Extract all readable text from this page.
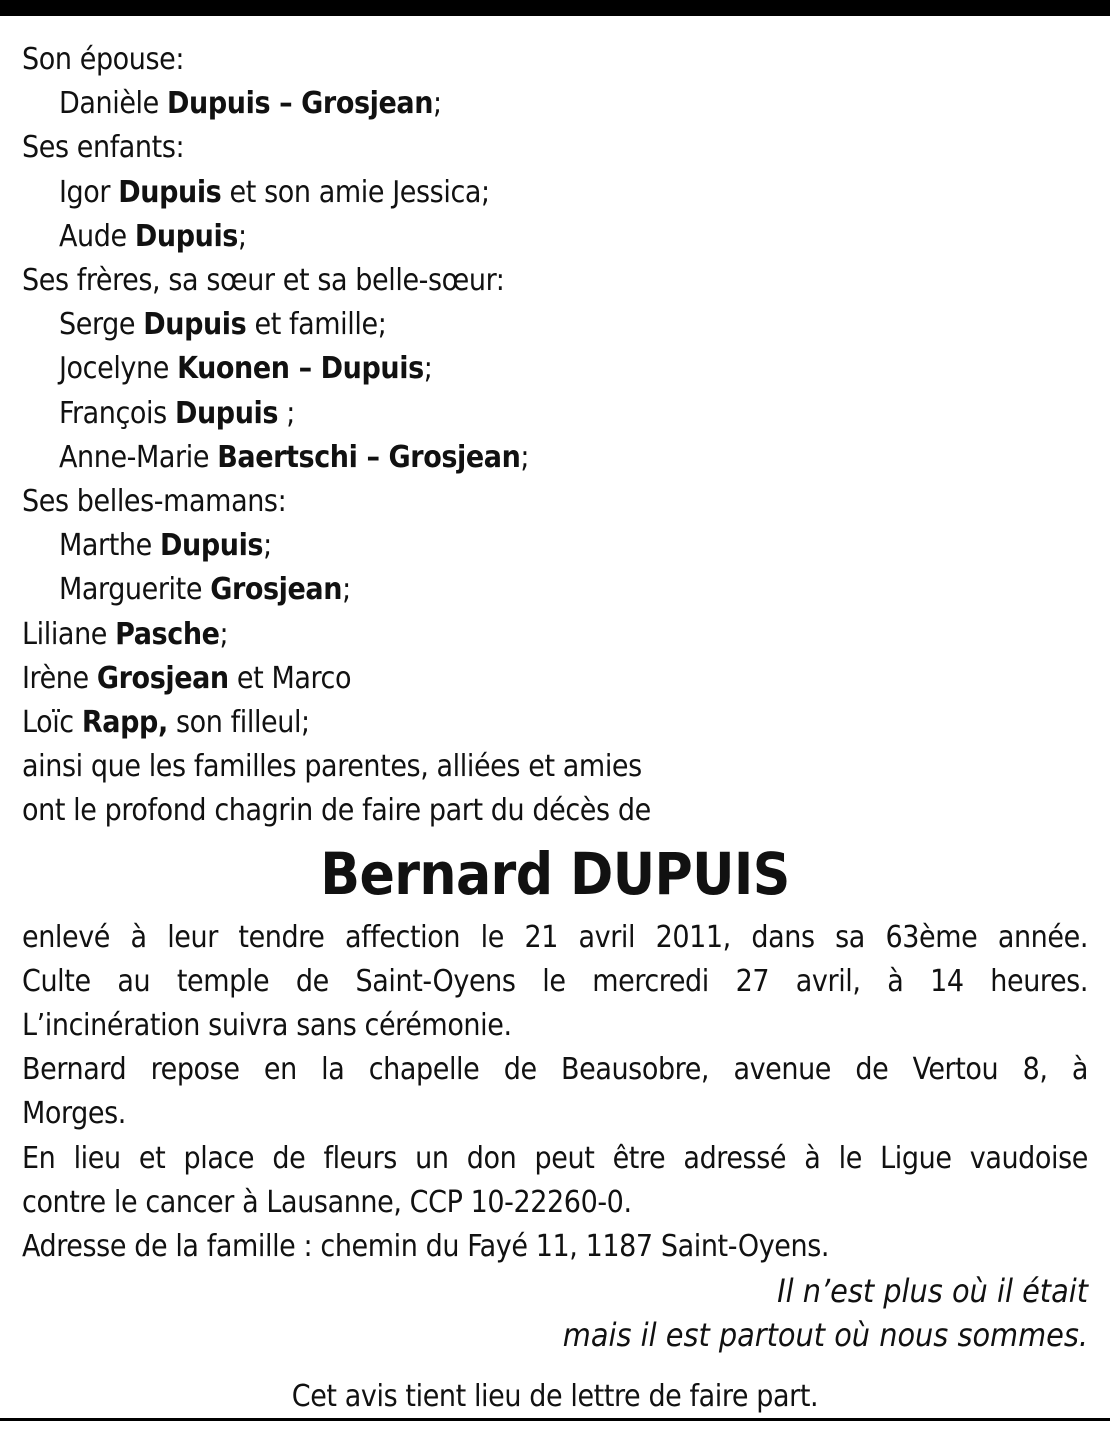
Son épouse:
Danièle Dupuis – Grosjean;
Ses enfants:
Igor Dupuis et son amie Jessica;
Aude Dupuis;
Ses frères, sa sœur et sa belle-sœur:
Serge Dupuis et famille;
Jocelyne Kuonen – Dupuis;
François Dupuis ;
Anne-Marie Baertschi – Grosjean;
Ses belles-mamans:
Marthe Dupuis;
Marguerite Grosjean;
Liliane Pasche;
Irène Grosjean et Marco
Loïc Rapp, son filleul;
ainsi que les familles parentes, alliées et amies
ont le profond chagrin de faire part du décès de
Bernard DUPUIS
enlevé à leur tendre affection le 21 avril 2011, dans sa 63ème année.
Culte au temple de Saint-Oyens le mercredi 27 avril, à 14 heures.
L’incinération suivra sans cérémonie.
Bernard repose en la chapelle de Beausobre, avenue de Vertou 8, à
Morges.
En lieu et place de fleurs un don peut être adressé à le Ligue vaudoise
contre le cancer à Lausanne, CCP 10-22260-0.
Adresse de la famille : chemin du Fayé 11, 1187 Saint-Oyens.
Il n’est plus où il était
mais il est partout où nous sommes.
Cet avis tient lieu de lettre de faire part.
